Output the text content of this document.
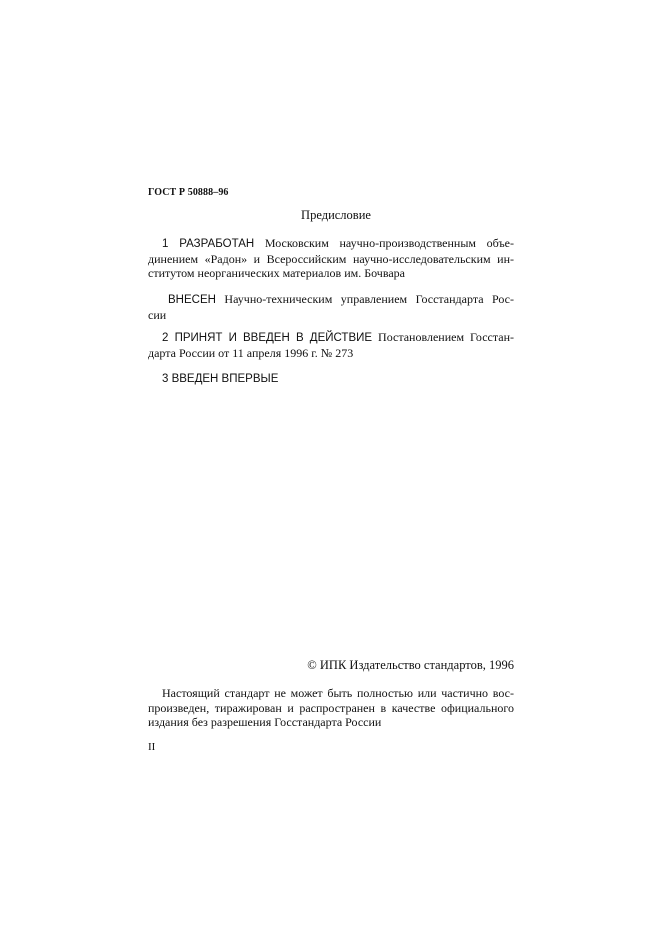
ГОСТ Р 50888–96
Предисловие
1 РАЗРАБОТАН Московским научно-производственным объе-
динением «Радон» и Всероссийским научно-исследовательским ин-
ститутом неорганических материалов им. Бочвара
ВНЕСЕН Научно-техническим управлением Госстандарта Рос-
сии
2 ПРИНЯТ И ВВЕДЕН В ДЕЙСТВИЕ Постановлением Госстан-
дарта России от 11 апреля 1996 г. № 273
3 ВВЕДЕН ВПЕРВЫЕ
© ИПК Издательство стандартов, 1996
Настоящий стандарт не может быть полностью или частично вос-
произведен, тиражирован и распространен в качестве официального
издания без разрешения Госстандарта России
II
